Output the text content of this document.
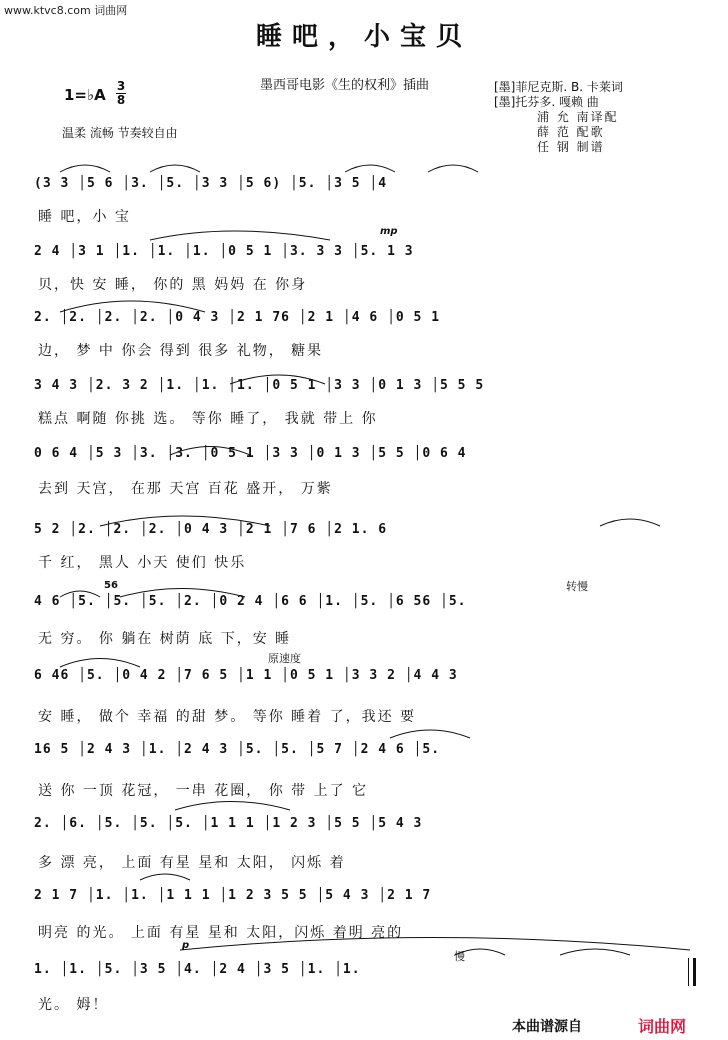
www.ktvc8.com 词曲网
睡吧，小宝贝
1=♭A 3
8
墨西哥电影《生的权利》插曲
温柔 流畅 节奏较自由
[墨]菲尼克斯. B. 卡莱词
[墨]托芬多. 嘎赖 曲
浦 允 南译配
薛 范 配歌
任 钢 制谱
(3 3 │5 6 │3. │5. │3 3 │5 6) │5. │3 5 │4
睡 吧，小 宝
mp
2 4 │3 1 │1. │1. │1. │0 5 1 │3. 3 3 │5. 1 3
贝，快 安 睡， 你的 黑 妈妈 在 你身
2. │2. │2. │2. │0 4 3 │2 1 76 │2 1 │4 6 │0 5 1
边， 梦 中 你会 得到 很多 礼物， 糖果
3 4 3 │2. 3 2 │1. │1. │1. │0 5 1 │3 3 │0 1 3 │5 5 5
糕点 啊随 你挑 选。 等你 睡了， 我就 带上 你
0 6 4 │5 3 │3. │3. │0 5 1 │3 3 │0 1 3 │5 5 │0 6 4
去到 天宫， 在那 天宫 百花 盛开， 万紫
5 2 │2. │2. │2. │0 4 3 │2 1 │7 6 │2 1. 6
千 红， 黑人 小天 使们 快乐
56	转慢
4 6 │5. │5. │5. │2. │0 2 4 │6 6 │1. │5. │6 56 │5.
无 穷。 你 躺在 树荫 底 下，安 睡
原速度
6 46 │5. │0 4 2 │7 6 5 │1 1 │0 5 1 │3 3 2 │4 4 3
安 睡， 做个 幸福 的甜 梦。 等你 睡着 了，我还 要
16 5 │2 4 3 │1. │2 4 3 │5. │5. │5 7 │2 4 6 │5.
送 你 一顶 花冠， 一串 花圈， 你 带 上了 它
2. │6. │5. │5. │5. │1 1 1 │1 2 3 │5 5 │5 4 3
多 漂 亮， 上面 有星 星和 太阳， 闪烁 着
2 1 7 │1. │1. │1 1 1 │1 2 3 5 5 │5 4 3 │2 1 7
明亮 的光。 上面 有星 星和 太阳，闪烁 着明 亮的
p
慢
1. │1. │5. │3 5 │4. │2 4 │3 5 │1. │1.
光。 姆！
本曲谱源自	词曲网
